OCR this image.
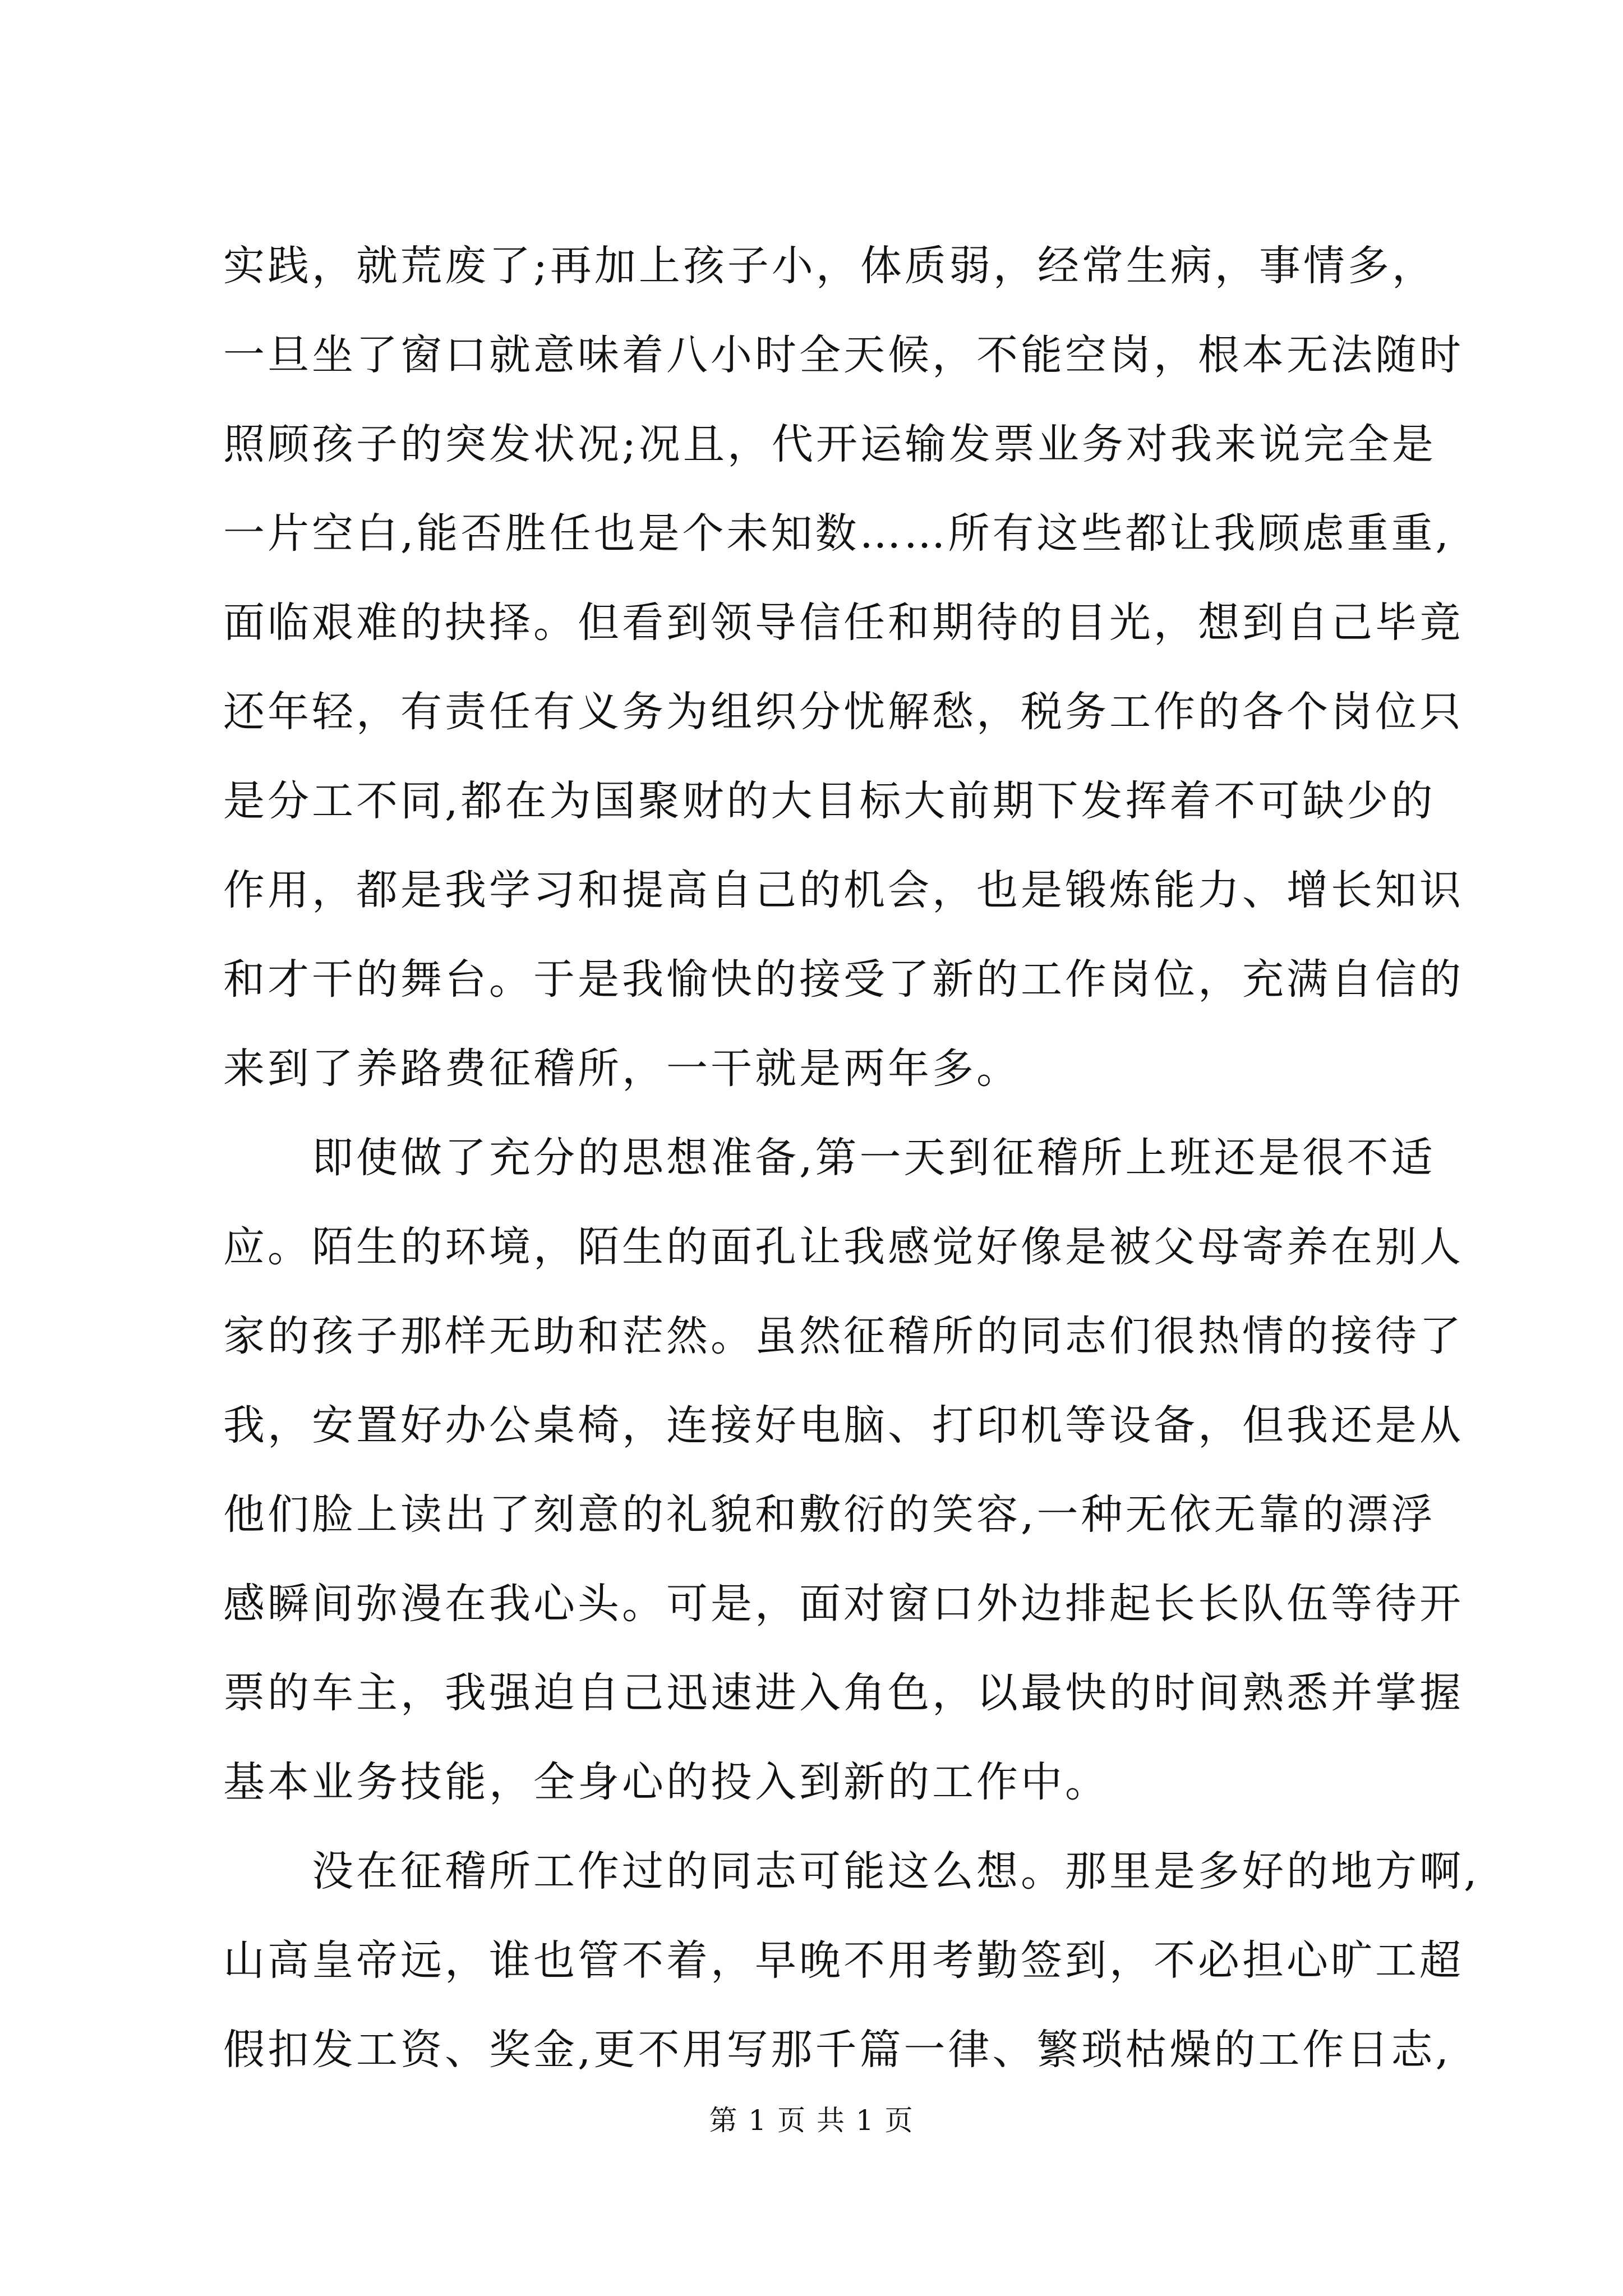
实践，就荒废了;再加上孩子小，体质弱，经常生病，事情多，
一旦坐了窗口就意味着八小时全天候，不能空岗，根本无法随时
照顾孩子的突发状况;况且，代开运输发票业务对我来说完全是
一片空白,能否胜任也是个未知数……所有这些都让我顾虑重重,
面临艰难的抉择。但看到领导信任和期待的目光，想到自己毕竟
还年轻，有责任有义务为组织分忧解愁，税务工作的各个岗位只
是分工不同,都在为国聚财的大目标大前期下发挥着不可缺少的
作用，都是我学习和提高自己的机会，也是锻炼能力、增长知识
和才干的舞台。于是我愉快的接受了新的工作岗位，充满自信的
来到了养路费征稽所，一干就是两年多。
　　即使做了充分的思想准备,第一天到征稽所上班还是很不适
应。陌生的环境，陌生的面孔让我感觉好像是被父母寄养在别人
家的孩子那样无助和茫然。虽然征稽所的同志们很热情的接待了
我，安置好办公桌椅，连接好电脑、打印机等设备，但我还是从
他们脸上读出了刻意的礼貌和敷衍的笑容,一种无依无靠的漂浮
感瞬间弥漫在我心头。可是，面对窗口外边排起长长队伍等待开
票的车主，我强迫自己迅速进入角色，以最快的时间熟悉并掌握
基本业务技能，全身心的投入到新的工作中。
　　没在征稽所工作过的同志可能这么想。那里是多好的地方啊,
山高皇帝远，谁也管不着，早晚不用考勤签到，不必担心旷工超
假扣发工资、奖金,更不用写那千篇一律、繁琐枯燥的工作日志,
第 1 页 共 1 页
